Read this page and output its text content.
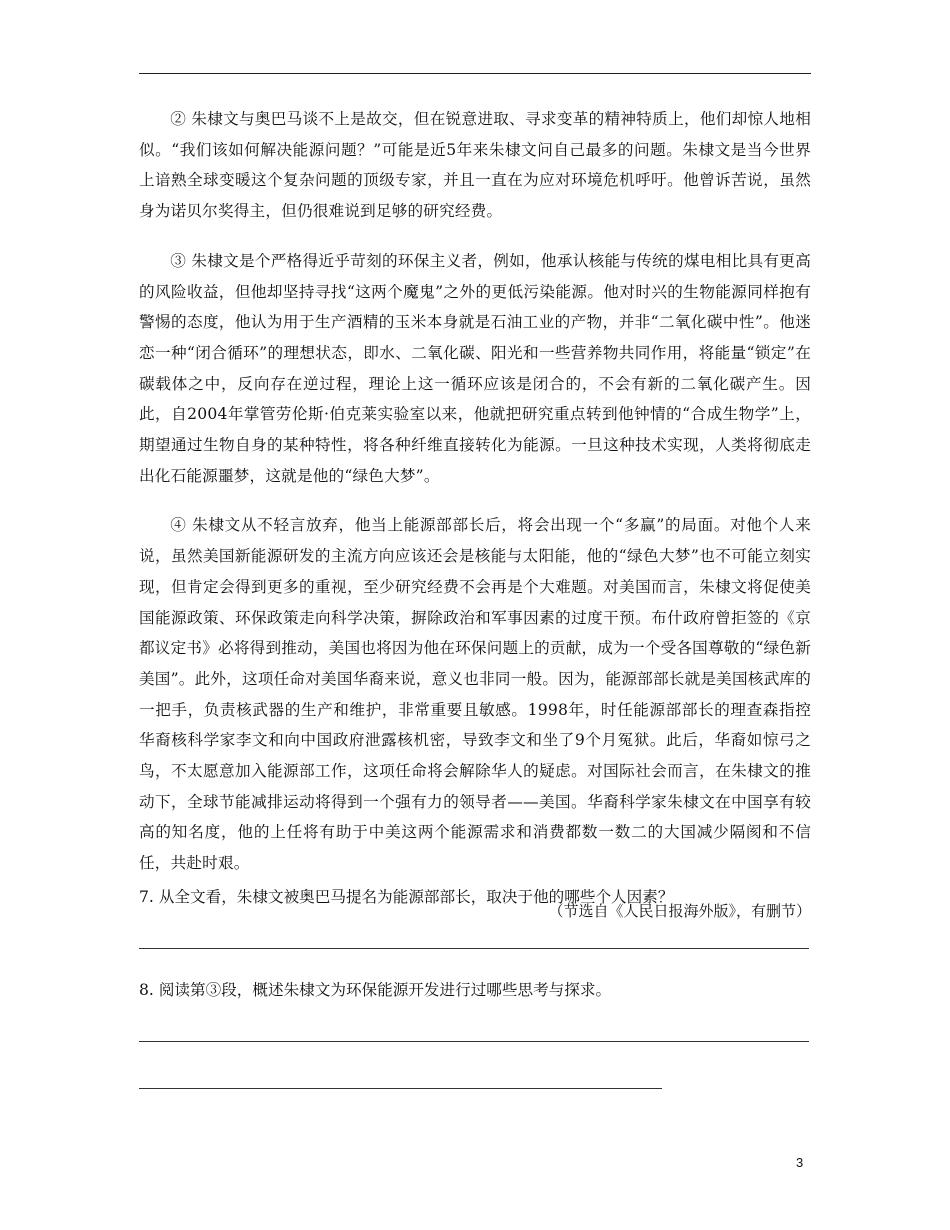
② 朱棣文与奥巴马谈不上是故交，但在锐意进取、寻求变革的精神特质上，他们却惊人地相似。“我们该如何解决能源问题？”可能是近5年来朱棣文问自己最多的问题。朱棣文是当今世界上谙熟全球变暖这个复杂问题的顶级专家，并且一直在为应对环境危机呼吁。他曾诉苦说，虽然身为诺贝尔奖得主，但仍很难说到足够的研究经费。

③ 朱棣文是个严格得近乎苛刻的环保主义者，例如，他承认核能与传统的煤电相比具有更高的风险收益，但他却坚持寻找“这两个魔鬼”之外的更低污染能源。他对时兴的生物能源同样抱有警惕的态度，他认为用于生产酒精的玉米本身就是石油工业的产物，并非“二氧化碳中性”。他迷恋一种“闭合循环”的理想状态，即水、二氧化碳、阳光和一些营养物共同作用，将能量“锁定”在碳载体之中，反向存在逆过程，理论上这一循环应该是闭合的，不会有新的二氧化碳产生。因此，自2004年掌管劳伦斯·伯克莱实验室以来，他就把研究重点转到他钟情的“合成生物学”上，期望通过生物自身的某种特性，将各种纤维直接转化为能源。一旦这种技术实现，人类将彻底走出化石能源噩梦，这就是他的“绿色大梦”。

④ 朱棣文从不轻言放弃，他当上能源部部长后，将会出现一个“多赢”的局面。对他个人来说，虽然美国新能源研发的主流方向应该还会是核能与太阳能，他的“绿色大梦”也不可能立刻实现，但肯定会得到更多的重视，至少研究经费不会再是个大难题。对美国而言，朱棣文将促使美国能源政策、环保政策走向科学决策，摒除政治和军事因素的过度干预。布什政府曾拒签的《京都议定书》必将得到推动，美国也将因为他在环保问题上的贡献，成为一个受各国尊敬的“绿色新美国”。此外，这项任命对美国华裔来说，意义也非同一般。因为，能源部部长就是美国核武库的一把手，负责核武器的生产和维护，非常重要且敏感。1998年，时任能源部部长的理查森指控华裔核科学家李文和向中国政府泄露核机密，导致李文和坐了9个月冤狱。此后，华裔如惊弓之鸟，不太愿意加入能源部工作，这项任命将会解除华人的疑虑。对国际社会而言，在朱棣文的推动下，全球节能减排运动将得到一个强有力的领导者——美国。华裔科学家朱棣文在中国享有较高的知名度，他的上任将有助于中美这两个能源需求和消费都数一数二的大国减少隔阂和不信任，共赴时艰。

（节选自《人民日报海外版》，有删节）

7. 从全文看，朱棣文被奥巴马提名为能源部部长，取决于他的哪些个人因素？

8. 阅读第③段，概述朱棣文为环保能源开发进行过哪些思考与探求。

3
